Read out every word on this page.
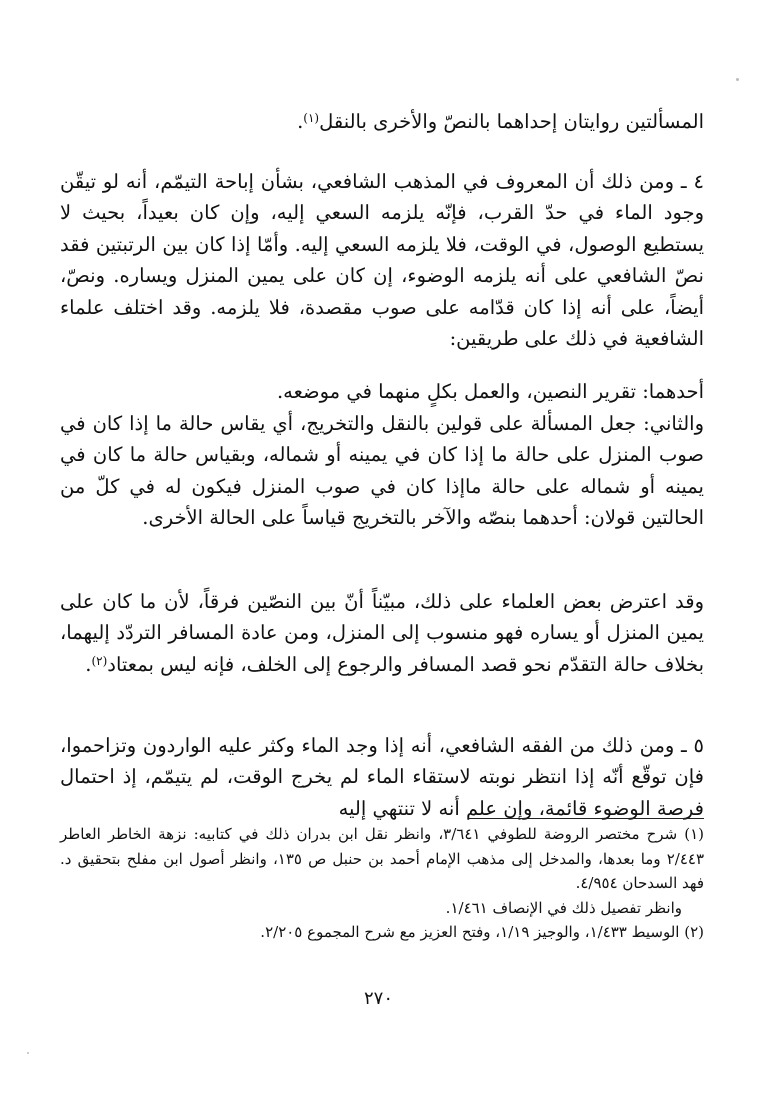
المسألتين روايتان إحداهما بالنصّ والأخرى بالنقل$^{(١)}$.

٤ ـ ومن ذلك أن المعروف في المذهب الشافعي، بشأن إباحة التيمّم، أنه لو تيقّن وجود الماء في حدّ القرب، فإنّه يلزمه السعي إليه، وإن كان بعيداً، بحيث لا يستطيع الوصول، في الوقت، فلا يلزمه السعي إليه. وأمّا إذا كان بين الرتبتين فقد نصّ الشافعي على أنه يلزمه الوضوء، إن كان على يمين المنزل ويساره. ونصّ، أيضاً، على أنه إذا كان قدّامه على صوب مقصدة، فلا يلزمه. وقد اختلف علماء الشافعية في ذلك على طريقين:

أحدهما: تقرير النصين، والعمل بكلٍ منهما في موضعه.

والثاني: جعل المسألة على قولين بالنقل والتخريج، أي يقاس حالة ما إذا كان في صوب المنزل على حالة ما إذا كان في يمينه أو شماله، وبقياس حالة ما كان في يمينه أو شماله على حالة ماإذا كان في صوب المنزل فيكون له في كلّ من الحالتين قولان: أحدهما بنصّه والآخر بالتخريج قياساً على الحالة الأخرى.

وقد اعترض بعض العلماء على ذلك، مبيّناً أنّ بين النصّين فرقاً، لأن ما كان على يمين المنزل أو يساره فهو منسوب إلى المنزل، ومن عادة المسافر التردّد إليهما، بخلاف حالة التقدّم نحو قصد المسافر والرجوع إلى الخلف، فإنه ليس بمعتاد$^{(٢)}$.

٥ ـ ومن ذلك من الفقه الشافعي، أنه إذا وجد الماء وكثر عليه الواردون وتزاحموا، فإن توقّع أنّه إذا انتظر نوبته لاستقاء الماء لم يخرج الوقت، لم يتيمّم، إذ احتمال فرصة الوضوء قائمة، وإن علم أنه لا تنتهي إليه

(١) شرح مختصر الروضة للطوفي ٣/٦٤١، وانظر نقل ابن بدران ذلك في كتابيه: نزهة الخاطر العاطر ٢/٤٤٣ وما بعدها، والمدخل إلى مذهب الإمام أحمد بن حنبل ص ١٣٥، وانظر أصول ابن مفلح بتحقيق د. فهد السدحان ٤/٩٥٤.
وانظر تفصيل ذلك في الإنصاف ١/٤٦١.
(٢) الوسيط ١/٤٣٣، والوجيز ١/١٩، وفتح العزيز مع شرح المجموع ٢/٢٠٥.
٢٧٠
